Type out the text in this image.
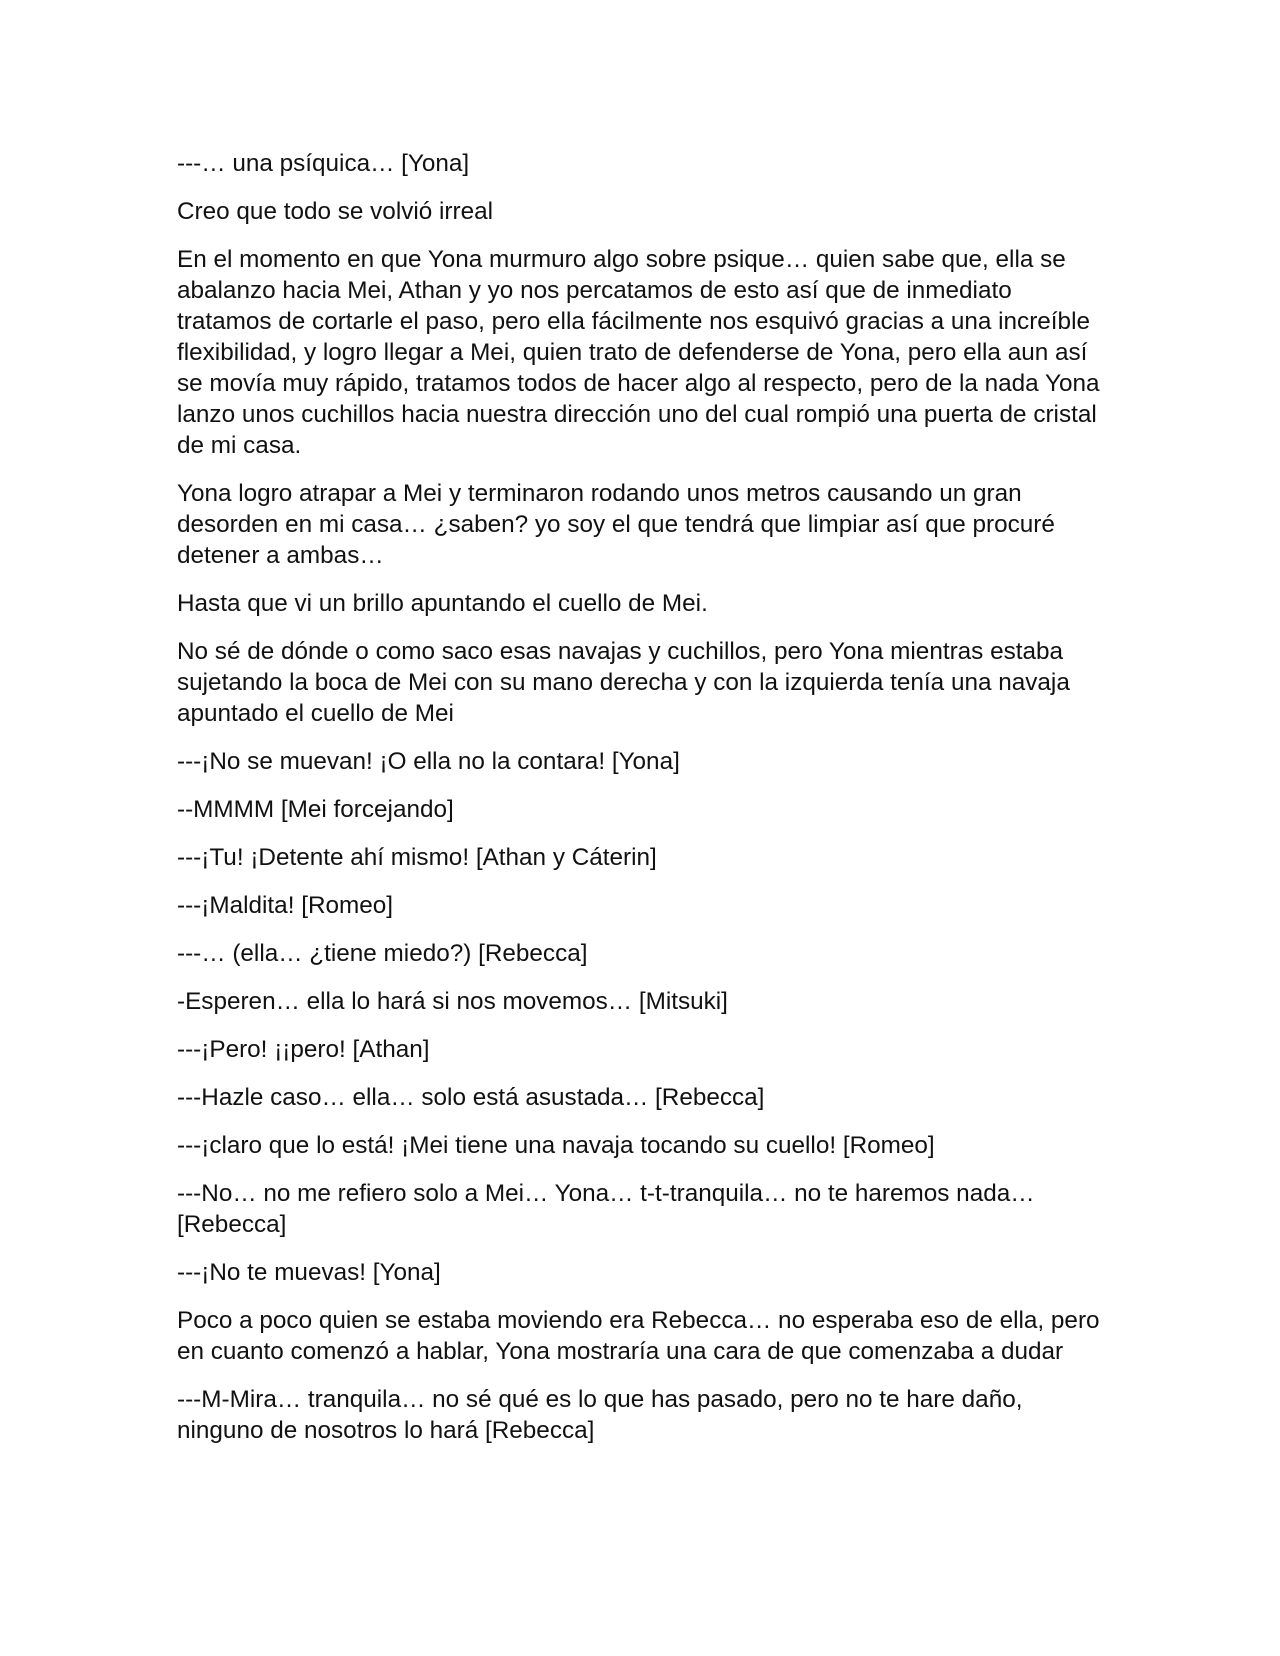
---… una psíquica… [Yona]

Creo que todo se volvió irreal

En el momento en que Yona murmuro algo sobre psique… quien sabe que, ella se abalanzo hacia Mei, Athan y yo nos percatamos de esto así que de inmediato tratamos de cortarle el paso, pero ella fácilmente nos esquivó gracias a una increíble flexibilidad, y logro llegar a Mei, quien trato de defenderse de Yona, pero ella aun así se movía muy rápido, tratamos todos de hacer algo al respecto, pero de la nada Yona lanzo unos cuchillos hacia nuestra dirección uno del cual rompió una puerta de cristal de mi casa.

Yona logro atrapar a Mei y terminaron rodando unos metros causando un gran desorden en mi casa… ¿saben? yo soy el que tendrá que limpiar así que procuré detener a ambas…

Hasta que vi un brillo apuntando el cuello de Mei.

No sé de dónde o como saco esas navajas y cuchillos, pero Yona mientras estaba sujetando la boca de Mei con su mano derecha y con la izquierda tenía una navaja apuntado el cuello de Mei

---¡No se muevan! ¡O ella no la contara! [Yona]

--MMMM [Mei forcejando]

---¡Tu! ¡Detente ahí mismo! [Athan y Cáterin]

---¡Maldita! [Romeo]

---… (ella… ¿tiene miedo?) [Rebecca]

-Esperen… ella lo hará si nos movemos… [Mitsuki]

---¡Pero! ¡¡pero! [Athan]

---Hazle caso… ella… solo está asustada… [Rebecca]

---¡claro que lo está! ¡Mei tiene una navaja tocando su cuello! [Romeo]

---No… no me refiero solo a Mei… Yona… t-t-tranquila… no te haremos nada… [Rebecca]

---¡No te muevas! [Yona]

Poco a poco quien se estaba moviendo era Rebecca… no esperaba eso de ella, pero en cuanto comenzó a hablar, Yona mostraría una cara de que comenzaba a dudar

---M-Mira… tranquila… no sé qué es lo que has pasado, pero no te hare daño, ninguno de nosotros lo hará [Rebecca]
